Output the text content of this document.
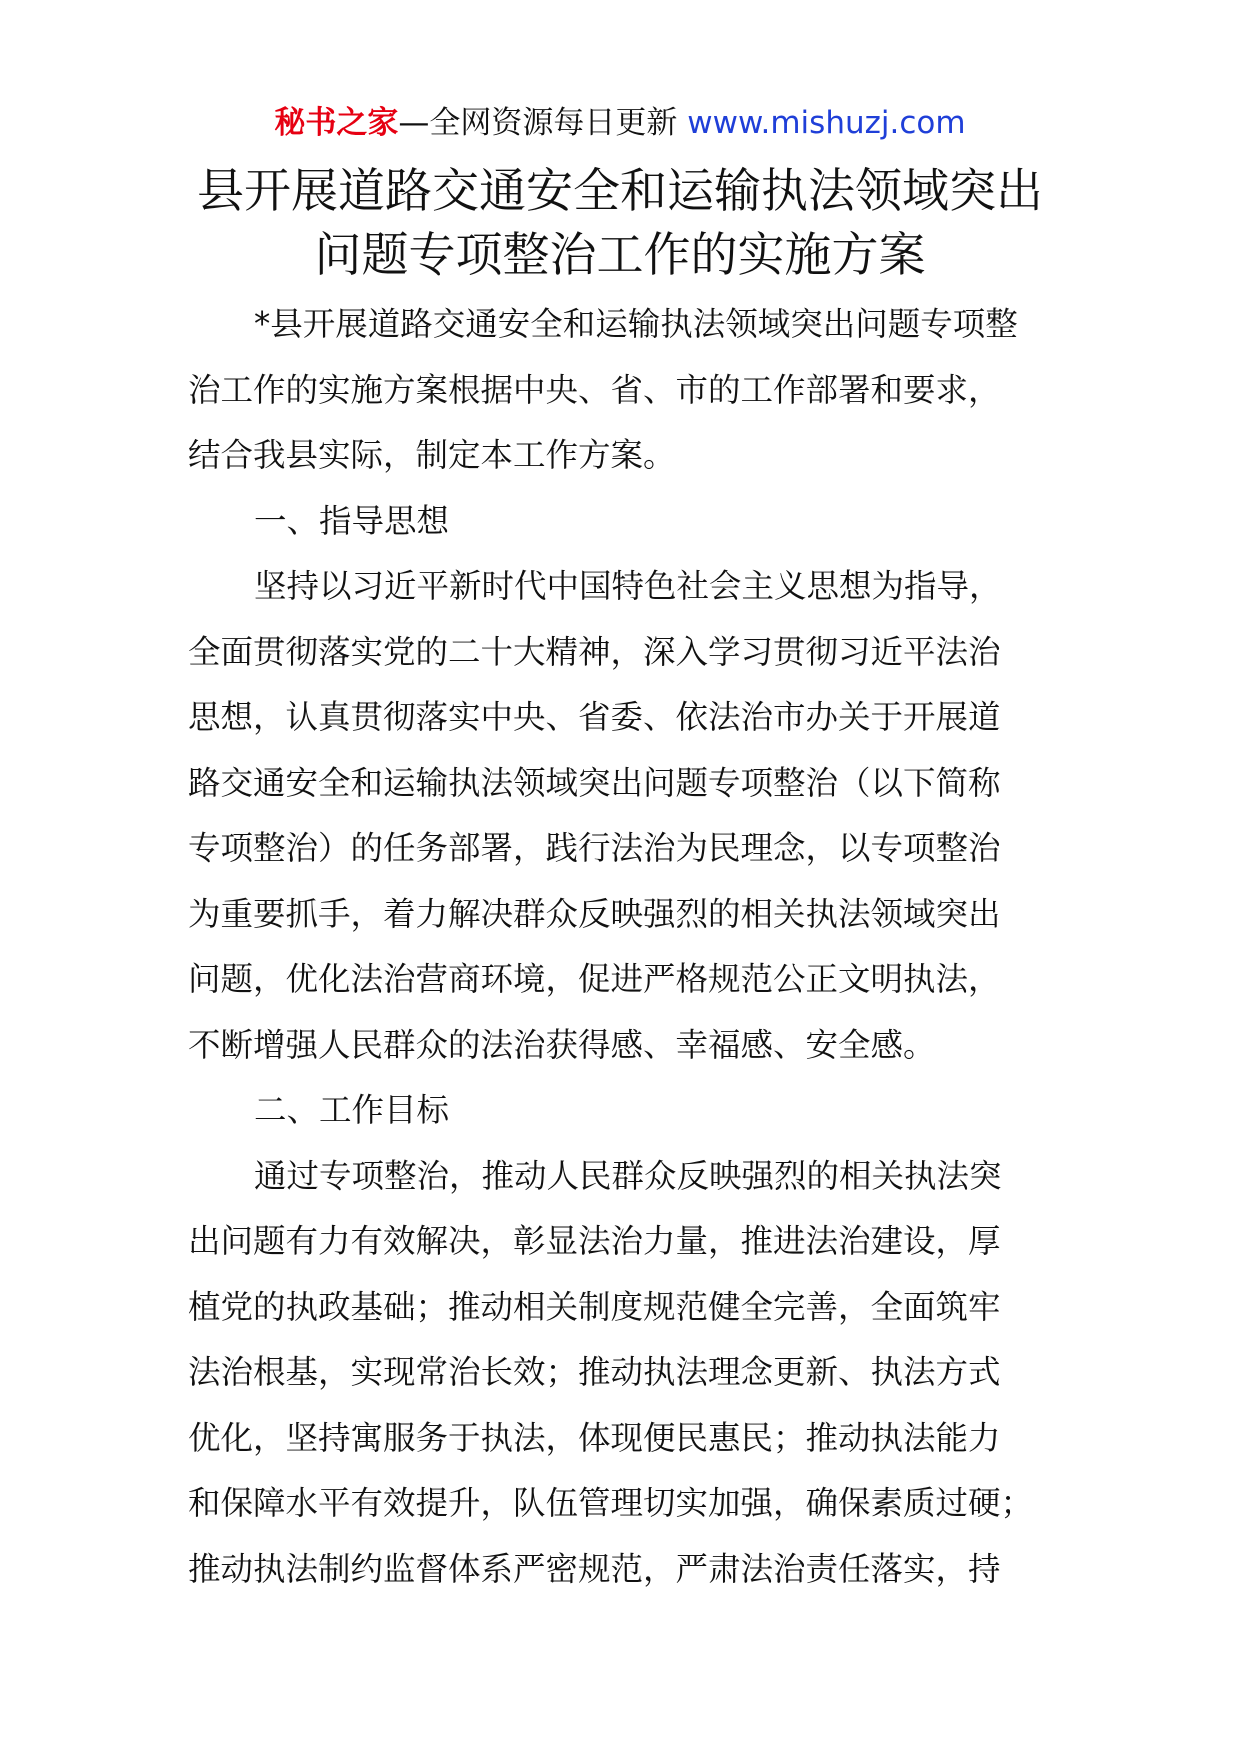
秘书之家—全网资源每日更新 www.mishuzj.com
县开展道路交通安全和运输执法领域突出
问题专项整治工作的实施方案
*县开展道路交通安全和运输执法领域突出问题专项整
治工作的实施方案根据中央、省、市的工作部署和要求，
结合我县实际，制定本工作方案。
一、指导思想
坚持以习近平新时代中国特色社会主义思想为指导，
全面贯彻落实党的二十大精神，深入学习贯彻习近平法治
思想，认真贯彻落实中央、省委、依法治市办关于开展道
路交通安全和运输执法领域突出问题专项整治（以下简称
专项整治）的任务部署，践行法治为民理念，以专项整治
为重要抓手，着力解决群众反映强烈的相关执法领域突出
问题，优化法治营商环境，促进严格规范公正文明执法，
不断增强人民群众的法治获得感、幸福感、安全感。
二、工作目标
通过专项整治，推动人民群众反映强烈的相关执法突
出问题有力有效解决，彰显法治力量，推进法治建设，厚
植党的执政基础；推动相关制度规范健全完善，全面筑牢
法治根基，实现常治长效；推动执法理念更新、执法方式
优化，坚持寓服务于执法，体现便民惠民；推动执法能力
和保障水平有效提升，队伍管理切实加强，确保素质过硬；
推动执法制约监督体系严密规范，严肃法治责任落实，持
